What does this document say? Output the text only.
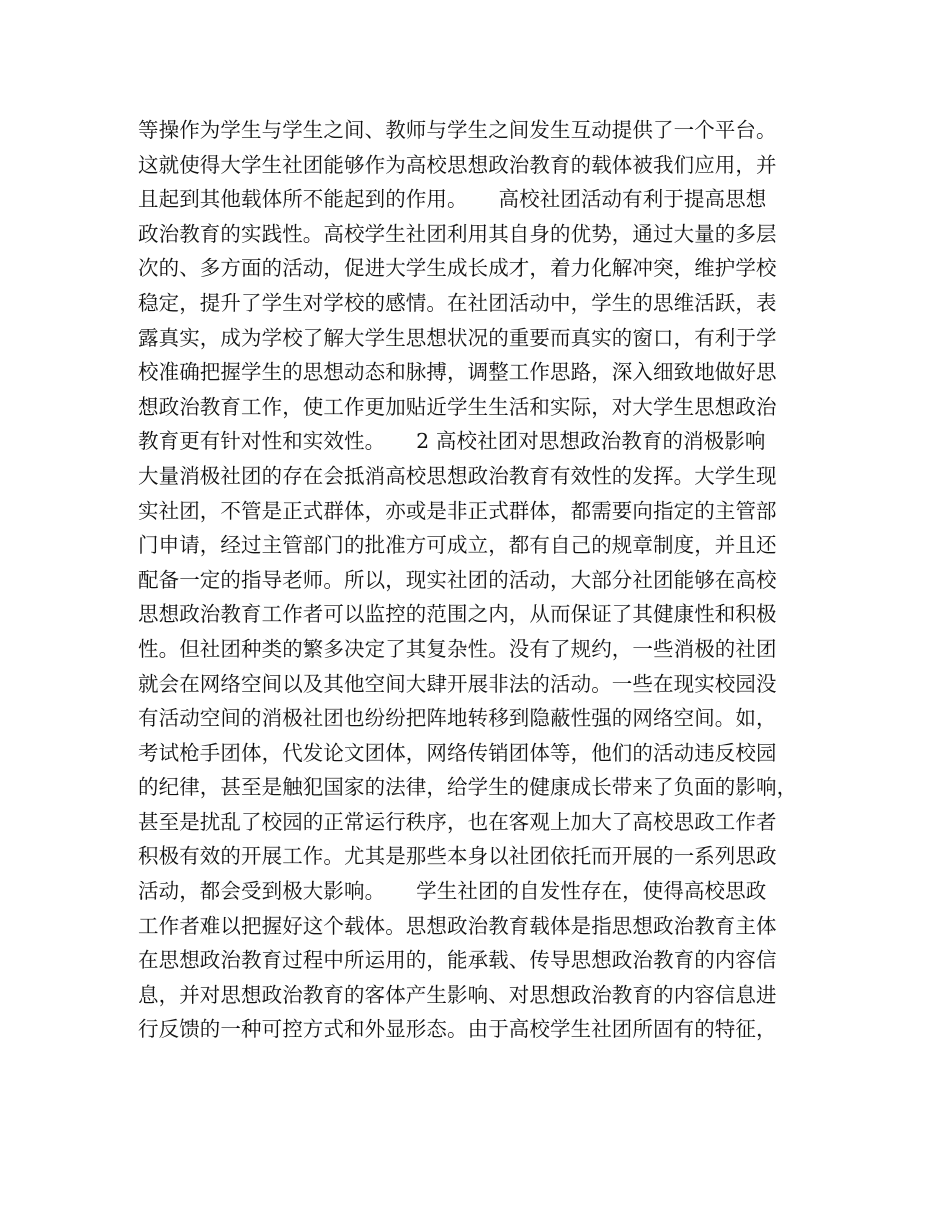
等操作为学生与学生之间、教师与学生之间发生互动提供了一个平台。
这就使得大学生社团能够作为高校思想政治教育的载体被我们应用，并
且起到其他载体所不能起到的作用。　　高校社团活动有利于提高思想
政治教育的实践性。高校学生社团利用其自身的优势，通过大量的多层
次的、多方面的活动，促进大学生成长成才，着力化解冲突，维护学校
稳定，提升了学生对学校的感情。在社团活动中，学生的思维活跃，表
露真实，成为学校了解大学生思想状况的重要而真实的窗口，有利于学
校准确把握学生的思想动态和脉搏，调整工作思路，深入细致地做好思
想政治教育工作，使工作更加贴近学生生活和实际，对大学生思想政治
教育更有针对性和实效性。　　2 高校社团对思想政治教育的消极影响
大量消极社团的存在会抵消高校思想政治教育有效性的发挥。大学生现
实社团，不管是正式群体，亦或是非正式群体，都需要向指定的主管部
门申请，经过主管部门的批准方可成立，都有自己的规章制度，并且还
配备一定的指导老师。所以，现实社团的活动，大部分社团能够在高校
思想政治教育工作者可以监控的范围之内，从而保证了其健康性和积极
性。但社团种类的繁多决定了其复杂性。没有了规约，一些消极的社团
就会在网络空间以及其他空间大肆开展非法的活动。一些在现实校园没
有活动空间的消极社团也纷纷把阵地转移到隐蔽性强的网络空间。如，
考试枪手团体，代发论文团体，网络传销团体等，他们的活动违反校园
的纪律，甚至是触犯国家的法律，给学生的健康成长带来了负面的影响，
甚至是扰乱了校园的正常运行秩序，也在客观上加大了高校思政工作者
积极有效的开展工作。尤其是那些本身以社团依托而开展的一系列思政
活动，都会受到极大影响。　　学生社团的自发性存在，使得高校思政
工作者难以把握好这个载体。思想政治教育载体是指思想政治教育主体
在思想政治教育过程中所运用的，能承载、传导思想政治教育的内容信
息，并对思想政治教育的客体产生影响、对思想政治教育的内容信息进
行反馈的一种可控方式和外显形态。由于高校学生社团所固有的特征，
